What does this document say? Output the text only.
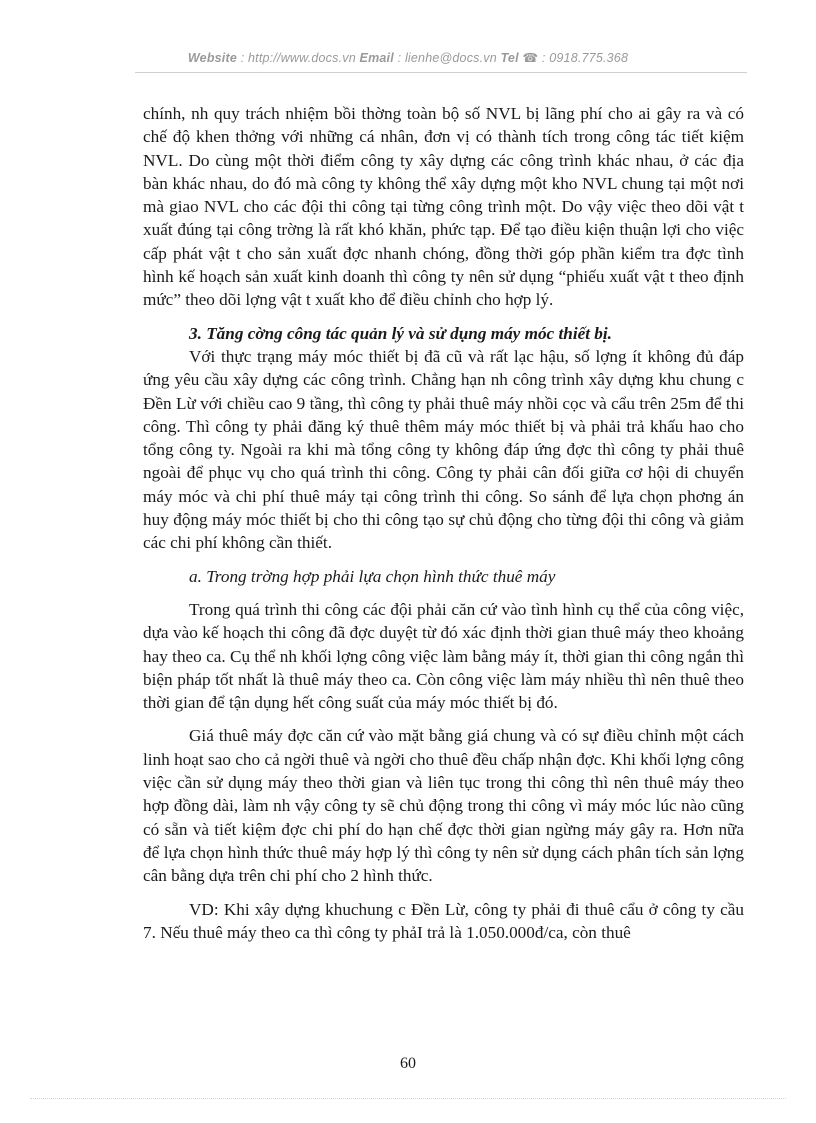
Website : http://www.docs.vn Email : lienhe@docs.vn Tel ☎ : 0918.775.368

chính, nh quy trách nhiệm bồi thờng toàn bộ số NVL bị lãng phí cho ai gây ra và có chế độ khen thởng với những cá nhân, đơn vị có thành tích trong công tác tiết kiệm NVL. Do cùng một thời điểm công ty xây dựng các công trình khác nhau, ở các địa bàn khác nhau, do đó mà công ty không thể xây dựng một kho NVL chung tại một nơi mà giao NVL cho các đội thi công tại từng công trình một. Do vậy việc theo dõi vật t xuất đúng tại công trờng là rất khó khăn, phức tạp. Để tạo điều kiện thuận lợi cho việc cấp phát vật t cho sản xuất đợc nhanh chóng, đồng thời góp phần kiểm tra đợc tình hình kế hoạch sản xuất kinh doanh thì công ty nên sử dụng “phiếu xuất vật t theo định mức” theo dõi lợng vật t xuất kho để điều chỉnh cho hợp lý.

3. Tăng cờng công tác quản lý và sử dụng máy móc thiết bị.

Với thực trạng máy móc thiết bị đã cũ và rất lạc hậu, số lợng ít không đủ đáp ứng yêu cầu xây dựng các công trình. Chẳng hạn nh công trình xây dựng khu chung c Đền Lừ với chiều cao 9 tầng, thì công ty phải thuê máy nhồi cọc và cẩu trên 25m để thi công. Thì công ty phải đăng ký thuê thêm máy móc thiết bị và phải trả khấu hao cho tổng công ty. Ngoài ra khi mà tổng công ty không đáp ứng đợc thì công ty phải thuê ngoài để phục vụ cho quá trình thi công. Công ty phải cân đối giữa cơ hội di chuyển máy móc và chi phí thuê máy tại công trình thi công. So sánh để lựa chọn phơng án huy động máy móc thiết bị cho thi công tạo sự chủ động cho từng đội thi công và giảm các chi phí không cần thiết.

a. Trong trờng hợp phải lựa chọn hình thức thuê máy

Trong quá trình thi công các đội phải căn cứ vào tình hình cụ thể của công việc, dựa vào kế hoạch thi công đã đợc duyệt từ đó xác định thời gian thuê máy theo khoảng hay theo ca. Cụ thể nh khối lợng công việc làm bằng máy ít, thời gian thi công ngắn thì biện pháp tốt nhất là thuê máy theo ca. Còn công việc làm máy nhiều thì nên thuê theo thời gian để tận dụng hết công suất của máy móc thiết bị đó.

Giá thuê máy đợc căn cứ vào mặt bằng giá chung và có sự điều chỉnh một cách linh hoạt sao cho cả ngời thuê và ngời cho thuê đều chấp nhận đợc. Khi khối lợng công việc cần sử dụng máy theo thời gian và liên tục trong thi công thì nên thuê máy theo hợp đồng dài, làm nh vậy công ty sẽ chủ động trong thi công vì máy móc lúc nào cũng có sẵn và tiết kiệm đợc chi phí do hạn chế đợc thời gian ngừng máy gây ra. Hơn nữa để lựa chọn hình thức thuê máy hợp lý thì công ty nên sử dụng cách phân tích sản lợng cân bằng dựa trên chi phí cho 2 hình thức.

VD: Khi xây dựng khuchung c Đền Lừ, công ty phải đi thuê cẩu ở công ty cầu 7. Nếu thuê máy theo ca thì công ty phảI trả là 1.050.000đ/ca, còn thuê

60
